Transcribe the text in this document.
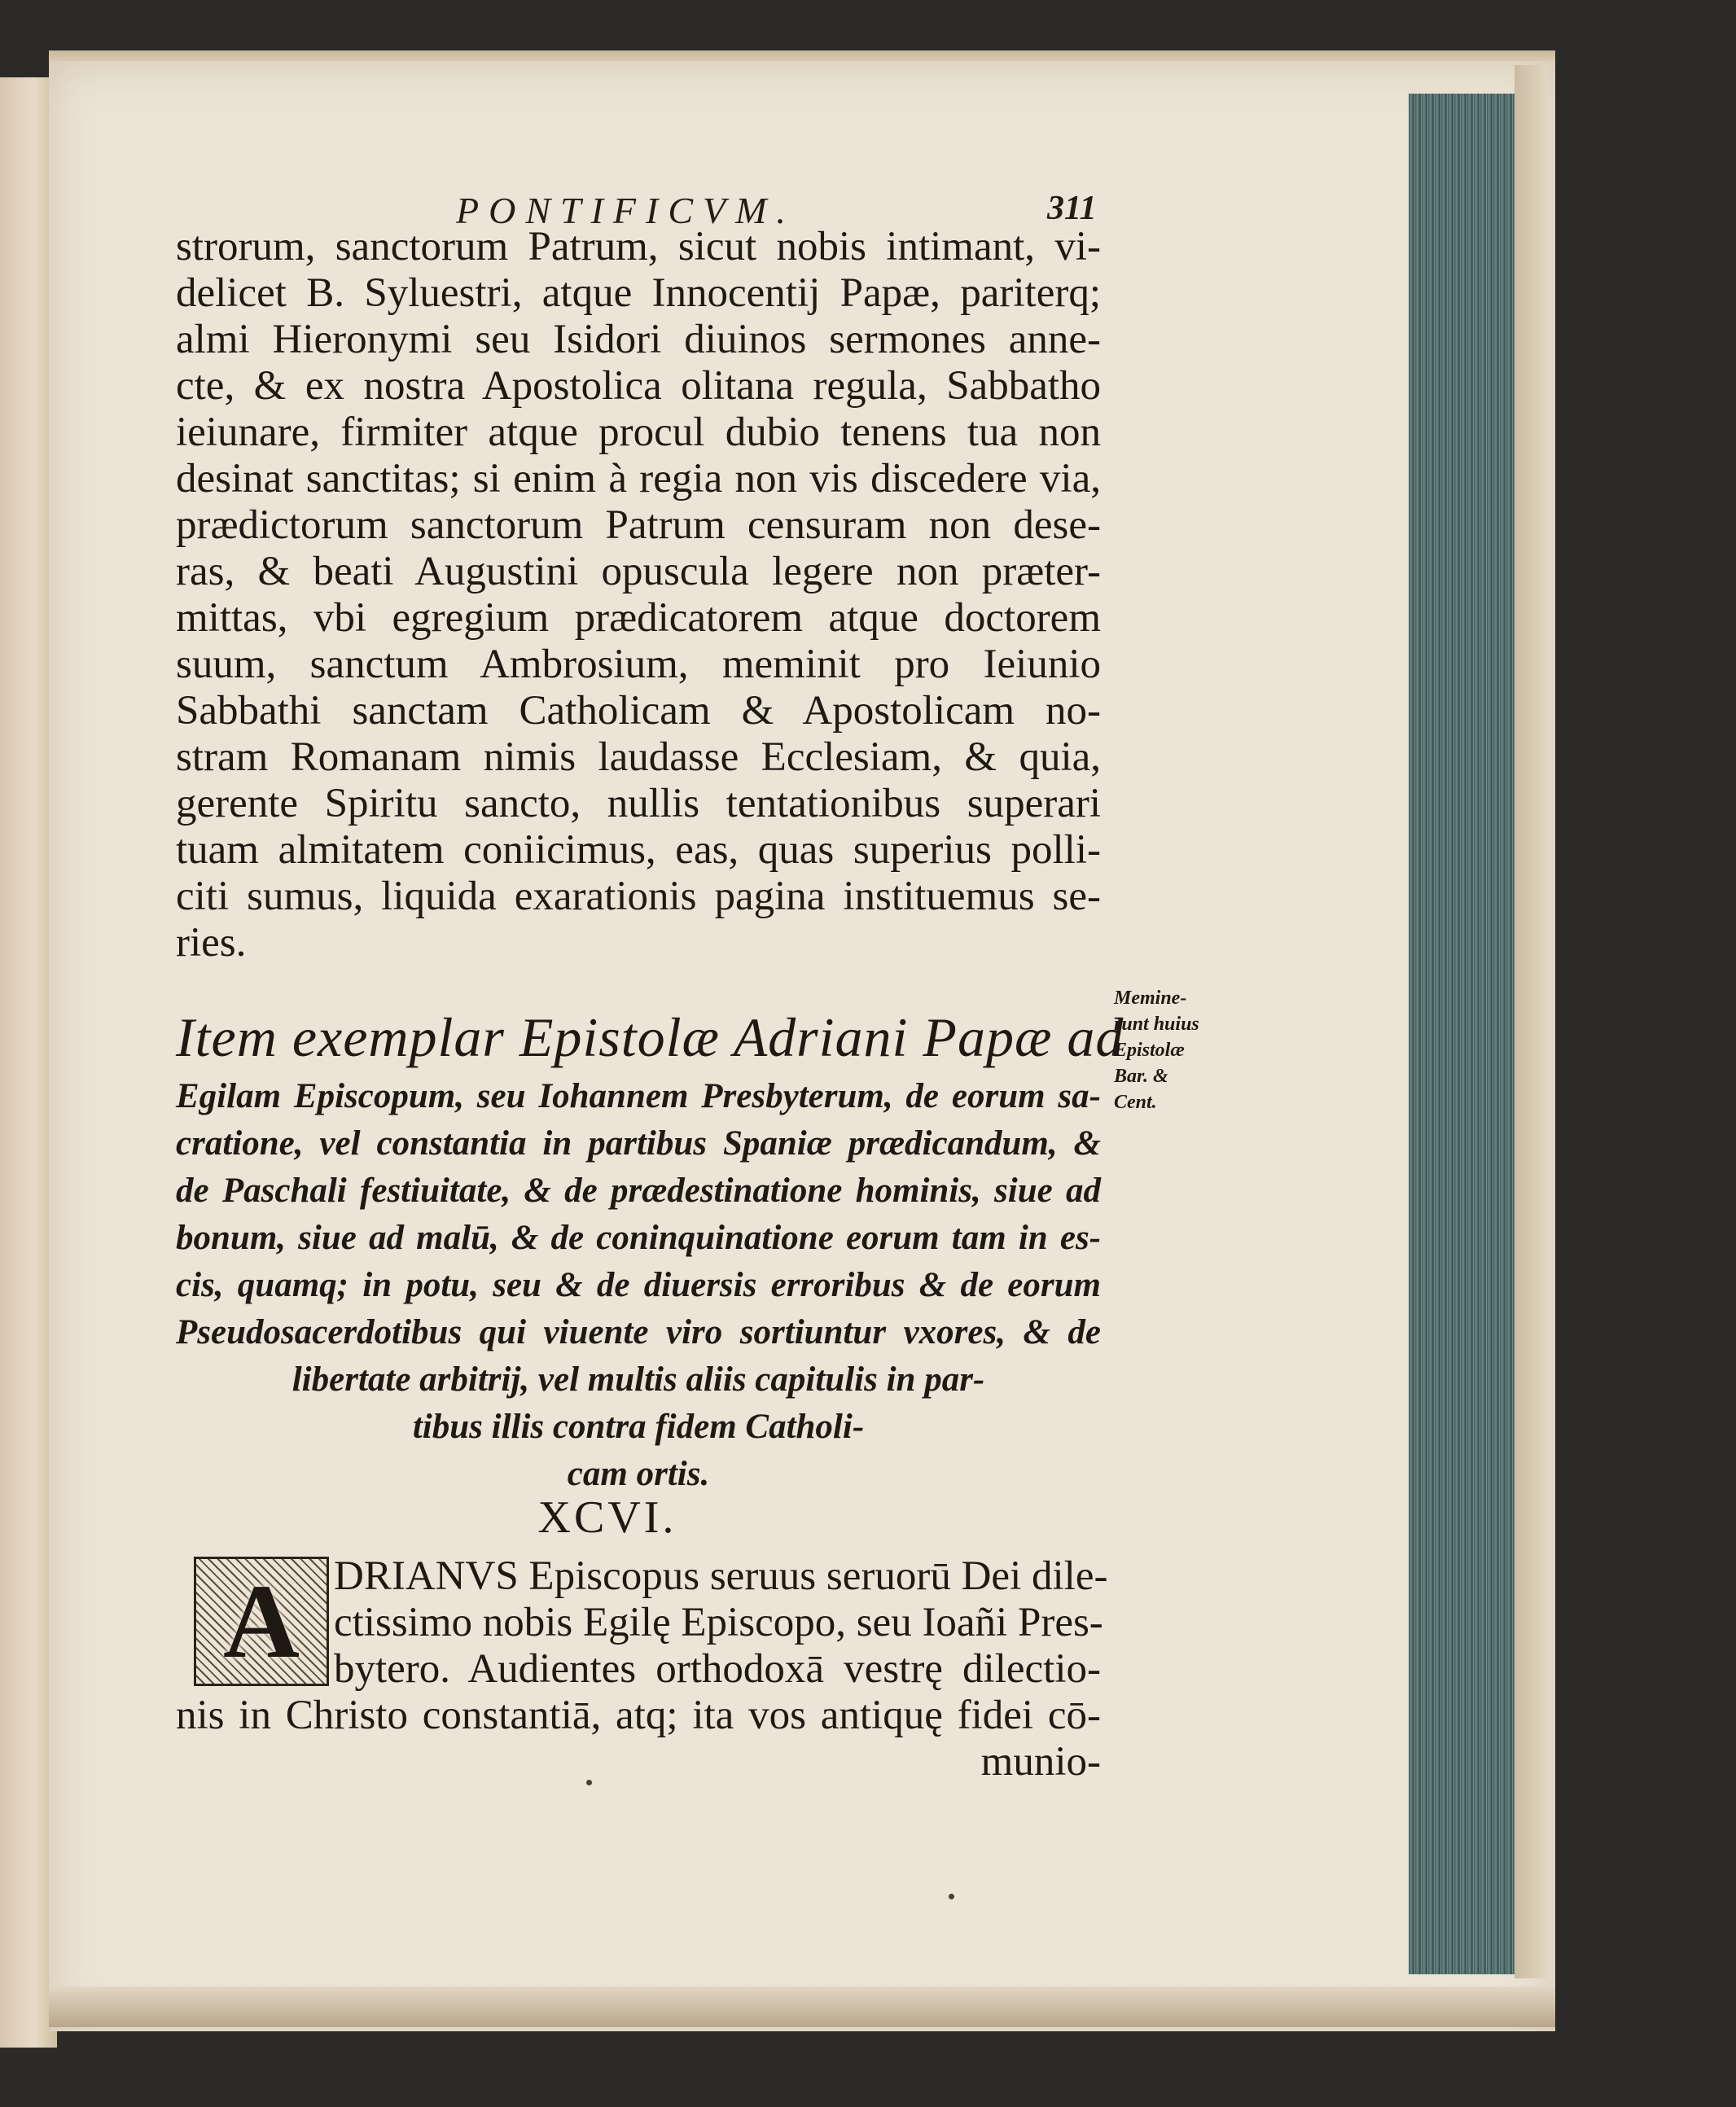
PONTIFICVM.	311
strorum, sanctorum Patrum, sicut nobis intimant, vi-
delicet B. Syluestri, atque Innocentij Papæ, pariterq;
almi Hieronymi seu Isidori diuinos sermones anne-
cte, & ex nostra Apostolica olitana regula, Sabbatho
ieiunare, firmiter atque procul dubio tenens tua non
desinat sanctitas; si enim à regia non vis discedere via,
prædictorum sanctorum Patrum censuram non dese-
ras, & beati Augustini opuscula legere non præter-
mittas, vbi egregium prædicatorem atque doctorem
suum, sanctum Ambrosium, meminit pro Ieiunio
Sabbathi sanctam Catholicam & Apostolicam no-
stram Romanam nimis laudasse Ecclesiam, & quia,
gerente Spiritu sancto, nullis tentationibus superari
tuam almitatem coniicimus, eas, quas superius polli-
citi sumus, liquida exarationis pagina instituemus se-
ries.
Item exemplar Epistolæ Adriani Papæ ad
Egilam Episcopum, seu Iohannem Presbyterum, de eorum sa-
cratione, vel constantia in partibus Spaniæ prædicandum, &
de Paschali festiuitate, & de prædestinatione hominis, siue ad
bonum, siue ad malū, & de coninquinatione eorum tam in es-
cis, quamq; in potu, seu & de diuersis erroribus & de eorum
Pseudosacerdotibus qui viuente viro sortiuntur vxores, & de
libertate arbitrij, vel multis aliis capitulis in par-
tibus illis contra fidem Catholi-
cam ortis.
Memine-
runt huius
Epistolæ
Bar. &
Cent.
XCVI.
A DRIANVS Episcopus seruus seruorū Dei dile-
ctissimo nobis Egilę Episcopo, seu Ioañi Pres-
bytero. Audientes orthodoxā vestrę dilectio-
nis in Christo constantiā, atq; ita vos antiquę fidei cō-
munio-
